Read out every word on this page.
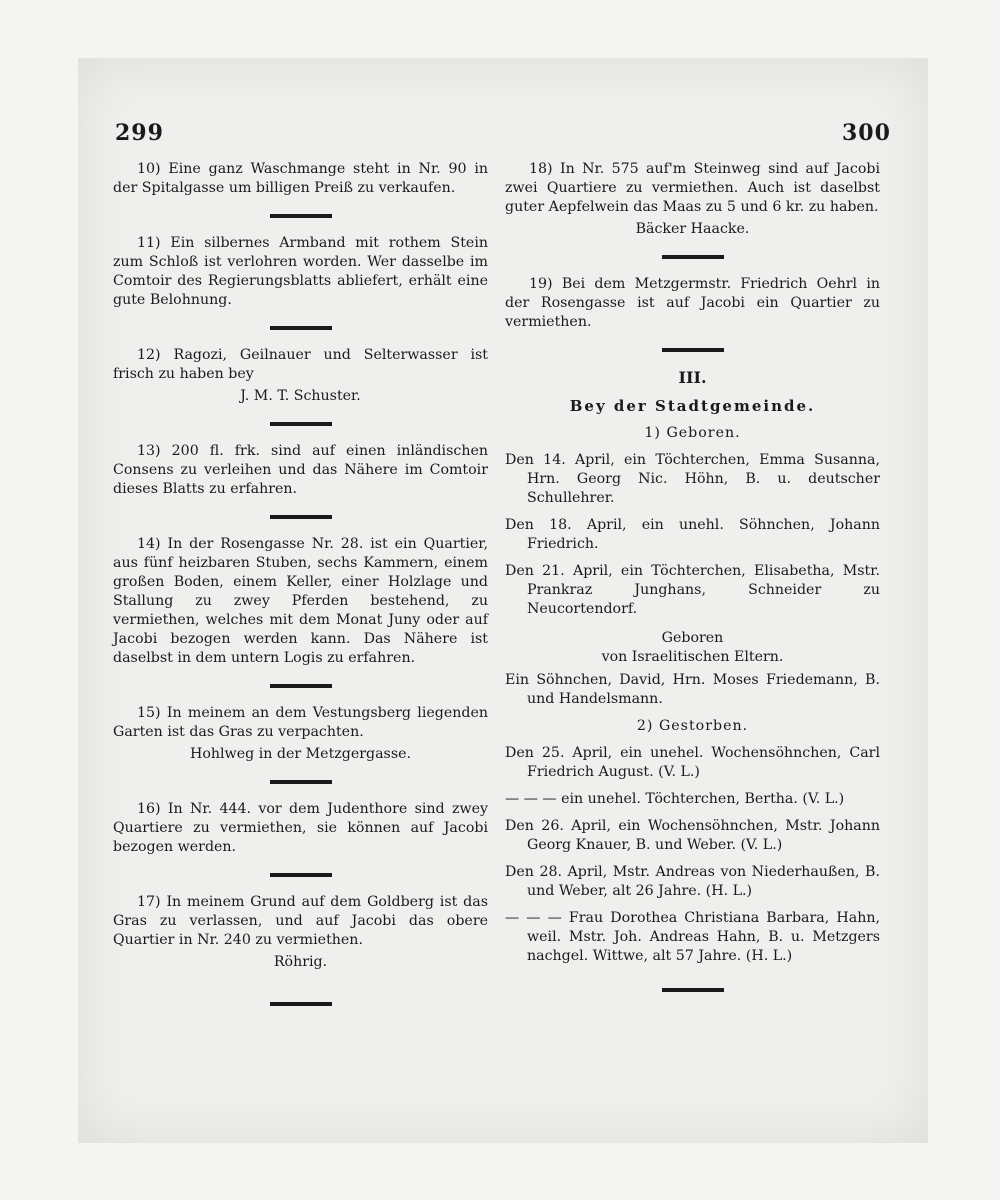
299	300

10) Eine ganz Waschmange steht in Nr. 90 in der Spitalgasse um billigen Preiß zu verkaufen.

11) Ein silbernes Armband mit rothem Stein zum Schloß ist verlohren worden. Wer dasselbe im Comtoir des Regierungsblatts abliefert, erhält eine gute Belohnung.

12) Ragozi, Geilnauer und Selterwasser ist frisch zu haben bey

J. M. T. Schuster.

13) 200 fl. frk. sind auf einen inländischen Consens zu verleihen und das Nähere im Comtoir dieses Blatts zu erfahren.

14) In der Rosengasse Nr. 28. ist ein Quartier, aus fünf heizbaren Stuben, sechs Kammern, einem großen Boden, einem Keller, einer Holzlage und Stallung zu zwey Pferden bestehend, zu vermiethen, welches mit dem Monat Juny oder auf Jacobi bezogen werden kann. Das Nähere ist daselbst in dem untern Logis zu erfahren.

15) In meinem an dem Vestungsberg liegenden Garten ist das Gras zu verpachten.

Hohlweg in der Metzgergasse.

16) In Nr. 444. vor dem Judenthore sind zwey Quartiere zu vermiethen, sie können auf Jacobi bezogen werden.

17) In meinem Grund auf dem Goldberg ist das Gras zu verlassen, und auf Jacobi das obere Quartier in Nr. 240 zu vermiethen.

Röhrig.

18) In Nr. 575 auf'm Steinweg sind auf Jacobi zwei Quartiere zu vermiethen. Auch ist daselbst guter Aepfelwein das Maas zu 5 und 6 kr. zu haben.

Bäcker Haacke.

19) Bei dem Metzgermstr. Friedrich Oehrl in der Rosengasse ist auf Jacobi ein Quartier zu vermiethen.

III.
Bey der Stadtgemeinde.
1) Geboren.
Den 14. April, ein Töchterchen, Emma Susanna, Hrn. Georg Nic. Höhn, B. u. deutscher Schullehrer.
Den 18. April, ein unehl. Söhnchen, Johann Friedrich.
Den 21. April, ein Töchterchen, Elisabetha, Mstr. Prankraz Junghans, Schneider zu Neucortendorf.
Geboren
von Israelitischen Eltern.
Ein Söhnchen, David, Hrn. Moses Friedemann, B. und Handelsmann.
2) Gestorben.
Den 25. April, ein unehel. Wochensöhnchen, Carl Friedrich August. (V. L.)
— — — ein unehel. Töchterchen, Bertha. (V. L.)
Den 26. April, ein Wochensöhnchen, Mstr. Johann Georg Knauer, B. und Weber. (V. L.)
Den 28. April, Mstr. Andreas von Niederhaußen, B. und Weber, alt 26 Jahre. (H. L.)
— — — Frau Dorothea Christiana Barbara, Hahn, weil. Mstr. Joh. Andreas Hahn, B. u. Metzgers nachgel. Wittwe, alt 57 Jahre. (H. L.)
